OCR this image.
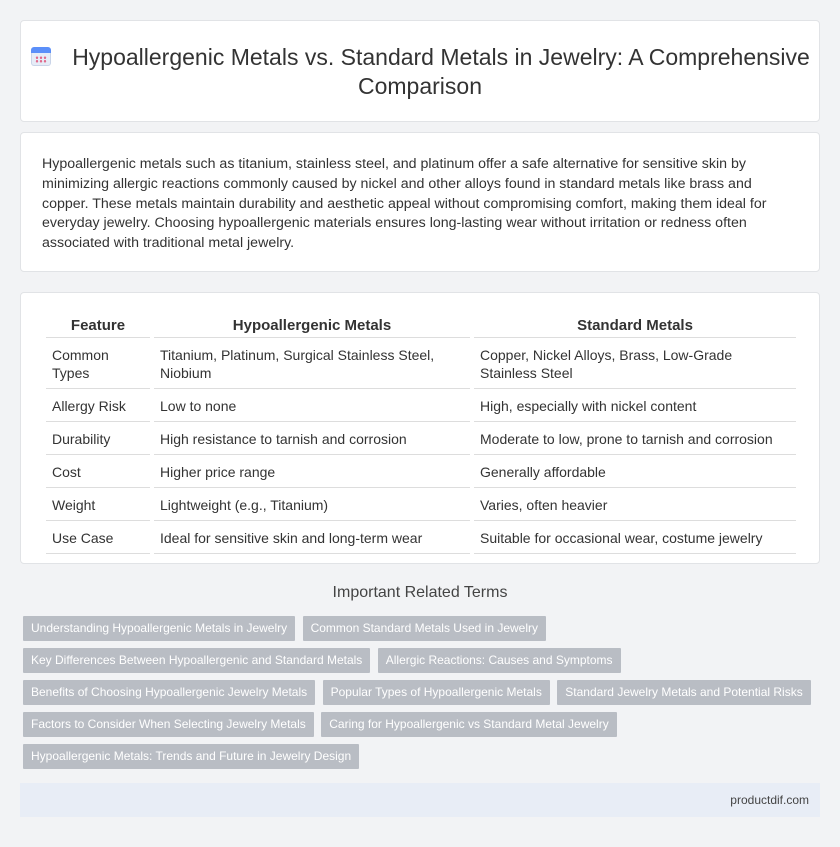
Hypoallergenic Metals vs. Standard Metals in Jewelry: A Comprehensive Comparison

Hypoallergenic metals such as titanium, stainless steel, and platinum offer a safe alternative for sensitive skin by minimizing allergic reactions commonly caused by nickel and other alloys found in standard metals like brass and copper. These metals maintain durability and aesthetic appeal without compromising comfort, making them ideal for everyday jewelry. Choosing hypoallergenic materials ensures long-lasting wear without irritation or redness often associated with traditional metal jewelry.

Feature	Hypoallergenic Metals	Standard Metals
Common Types	Titanium, Platinum, Surgical Stainless Steel, Niobium	Copper, Nickel Alloys, Brass, Low-Grade Stainless Steel
Allergy Risk	Low to none	High, especially with nickel content
Durability	High resistance to tarnish and corrosion	Moderate to low, prone to tarnish and corrosion
Cost	Higher price range	Generally affordable
Weight	Lightweight (e.g., Titanium)	Varies, often heavier
Use Case	Ideal for sensitive skin and long-term wear	Suitable for occasional wear, costume jewelry
Important Related Terms
Understanding Hypoallergenic Metals in Jewelry Common Standard Metals Used in Jewelry
Key Differences Between Hypoallergenic and Standard Metals Allergic Reactions: Causes and Symptoms
Benefits of Choosing Hypoallergenic Jewelry Metals Popular Types of Hypoallergenic Metals Standard Jewelry Metals and Potential Risks
Factors to Consider When Selecting Jewelry Metals Caring for Hypoallergenic vs Standard Metal Jewelry
Hypoallergenic Metals: Trends and Future in Jewelry Design
productdif.com
